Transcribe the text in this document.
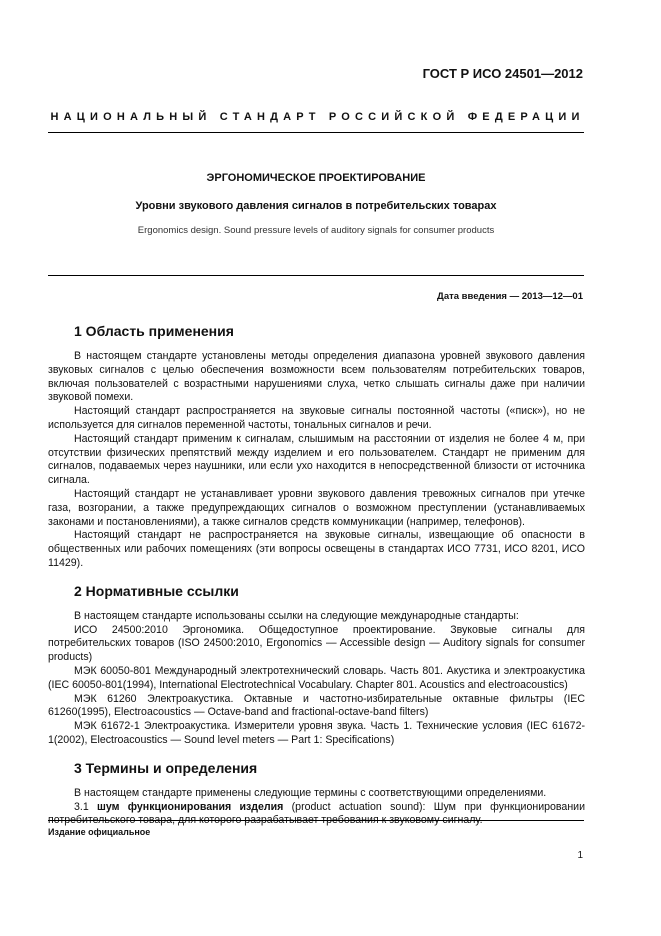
ГОСТ Р ИСО 24501—2012
НАЦИОНАЛЬНЫЙ СТАНДАРТ РОССИЙСКОЙ ФЕДЕРАЦИИ
ЭРГОНОМИЧЕСКОЕ ПРОЕКТИРОВАНИЕ
Уровни звукового давления сигналов в потребительских товарах
Ergonomics design. Sound pressure levels of auditory signals for consumer products
Дата введения — 2013—12—01
1 Область применения

В настоящем стандарте установлены методы определения диапазона уровней звукового давления звуковых сигналов с целью обеспечения возможности всем пользователям потребительских товаров, включая пользователей с возрастными нарушениями слуха, четко слышать сигналы даже при наличии звуковой помехи.

Настоящий стандарт распространяется на звуковые сигналы постоянной частоты («писк»), но не используется для сигналов переменной частоты, тональных сигналов и речи.

Настоящий стандарт применим к сигналам, слышимым на расстоянии от изделия не более 4 м, при отсутствии физических препятствий между изделием и его пользователем. Стандарт не применим для сигналов, подаваемых через наушники, или если ухо находится в непосредственной близости от источника сигнала.

Настоящий стандарт не устанавливает уровни звукового давления тревожных сигналов при утечке газа, возгорании, а также предупреждающих сигналов о возможном преступлении (устанавливаемых законами и постановлениями), а также сигналов средств коммуникации (например, телефонов).

Настоящий стандарт не распространяется на звуковые сигналы, извещающие об опасности в общественных или рабочих помещениях (эти вопросы освещены в стандартах ИСО 7731, ИСО 8201, ИСО 11429).

2 Нормативные ссылки

В настоящем стандарте использованы ссылки на следующие международные стандарты:

ИСО 24500:2010 Эргономика. Общедоступное проектирование. Звуковые сигналы для потребительских товаров (ISO 24500:2010, Ergonomics — Accessible design — Auditory signals for consumer products)

МЭК 60050-801 Международный электротехнический словарь. Часть 801. Акустика и электроакустика (IEC 60050-801(1994), International Electrotechnical Vocabulary. Chapter 801. Acoustics and electroacoustics)

МЭК 61260 Электроакустика. Октавные и частотно-избирательные октавные фильтры (IEC 61260(1995), Electroacoustics — Octave-band and fractional-octave-band filters)

МЭК 61672-1 Электроакустика. Измерители уровня звука. Часть 1. Технические условия (IEC 61672-1(2002), Electroacoustics — Sound level meters — Part 1: Specifications)

3 Термины и определения

В настоящем стандарте применены следующие термины с соответствующими определениями.

3.1 шум функционирования изделия (product actuation sound): Шум при функционировании потребительского товара, для которого разрабатывает требования к звуковому сигналу.

Издание официальное
1
